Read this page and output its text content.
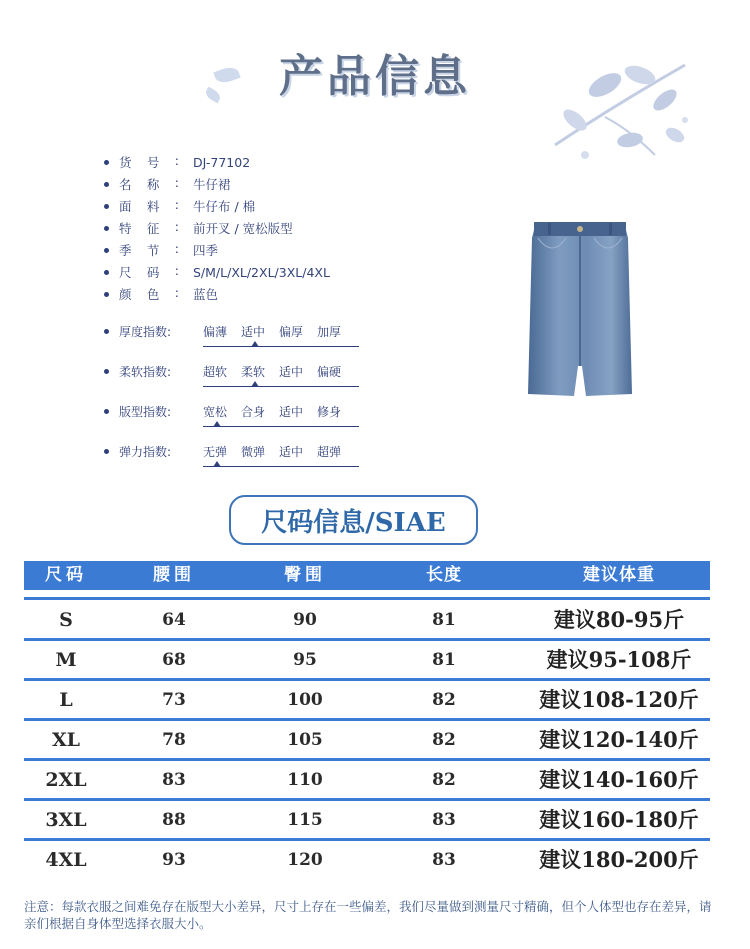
产品信息
货 号 : DJ-77102
名 称 : 牛仔裙
面 料 : 牛仔布 / 棉
特 征 : 前开叉 / 宽松版型
季 节 : 四季
尺 码 : S/M/L/XL/2XL/3XL/4XL
颜 色 : 蓝色
厚度指数:	偏薄	适中	偏厚	加厚
柔软指数:	超软	柔软	适中	偏硬
版型指数:	宽松	合身	适中	修身
弹力指数:	无弹	微弹	适中	超弹
尺码信息/SIAE
尺码	腰围	臀围	长度	建议体重
S	64	90	81	建议80-95斤
M	68	95	81	建议95-108斤
L	73	100	82	建议108-120斤
XL	78	105	82	建议120-140斤
2XL	83	110	82	建议140-160斤
3XL	88	115	83	建议160-180斤
4XL	93	120	83	建议180-200斤
注意：每款衣服之间难免存在版型大小差异，尺寸上存在一些偏差，我们尽量做到测量尺寸精确，但个人体型也存在差异，请亲们根据自身体型选择衣服大小。
